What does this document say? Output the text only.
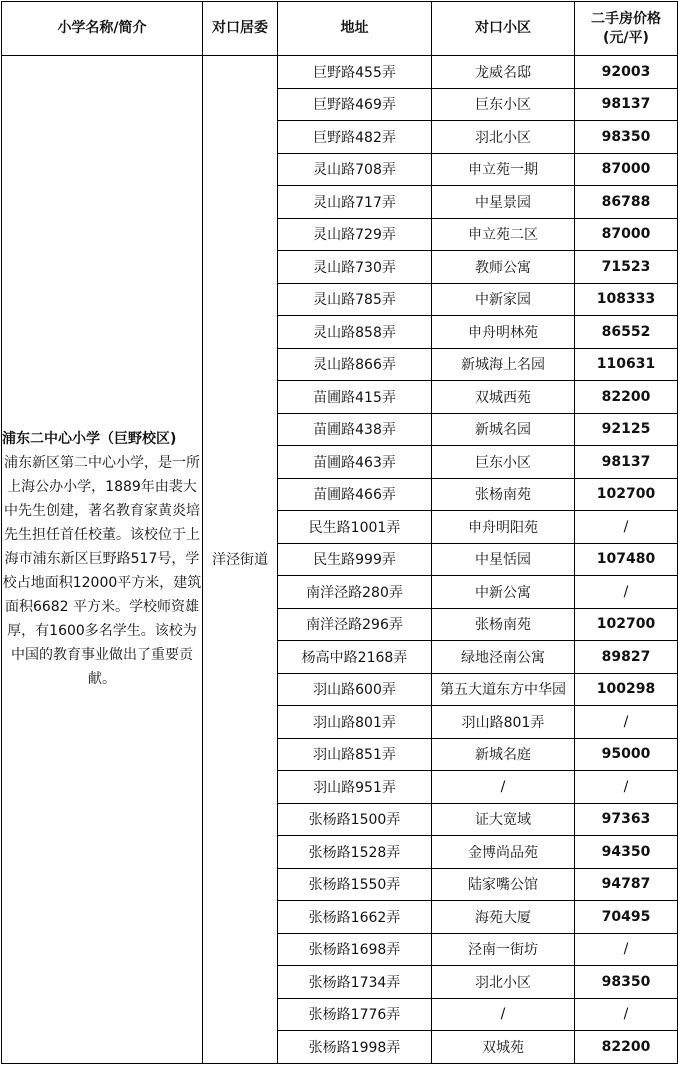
小学名称/简介	对口居委	地址	对口小区	二手房价格
(元/平)

浦东二中心小学（巨野校区)
浦东新区第二中心小学，是一所上海公办小学，1889年由裴大中先生创建，著名教育家黄炎培先生担任首任校董。该校位于上海市浦东新区巨野路517号，学校占地面积12000平方米，建筑面积6682 平方米。学校师资雄厚，有1600多名学生。该校为中国的教育事业做出了重要贡献。	洋泾街道	巨野路455弄	龙威名邸	92003
		巨野路469弄	巨东小区	98137
		巨野路482弄	羽北小区	98350
		灵山路708弄	申立苑一期	87000
		灵山路717弄	中星景园	86788
		灵山路729弄	申立苑二区	87000
		灵山路730弄	教师公寓	71523
		灵山路785弄	中新家园	108333
		灵山路858弄	申舟明林苑	86552
		灵山路866弄	新城海上名园	110631
		苗圃路415弄	双城西苑	82200
		苗圃路438弄	新城名园	92125
		苗圃路463弄	巨东小区	98137
		苗圃路466弄	张杨南苑	102700
		民生路1001弄	申舟明阳苑	/
		民生路999弄	中星恬园	107480
		南洋泾路280弄	中新公寓	/
		南洋泾路296弄	张杨南苑	102700
		杨高中路2168弄	绿地泾南公寓	89827
		羽山路600弄	第五大道东方中华园	100298
		羽山路801弄	羽山路801弄	/
		羽山路851弄	新城名庭	95000
		羽山路951弄	/	/
		张杨路1500弄	证大宽域	97363
		张杨路1528弄	金博尚品苑	94350
		张杨路1550弄	陆家嘴公馆	94787
		张杨路1662弄	海苑大厦	70495
		张杨路1698弄	泾南一街坊	/
		张杨路1734弄	羽北小区	98350
		张杨路1776弄	/	/
		张杨路1998弄	双城苑	82200
